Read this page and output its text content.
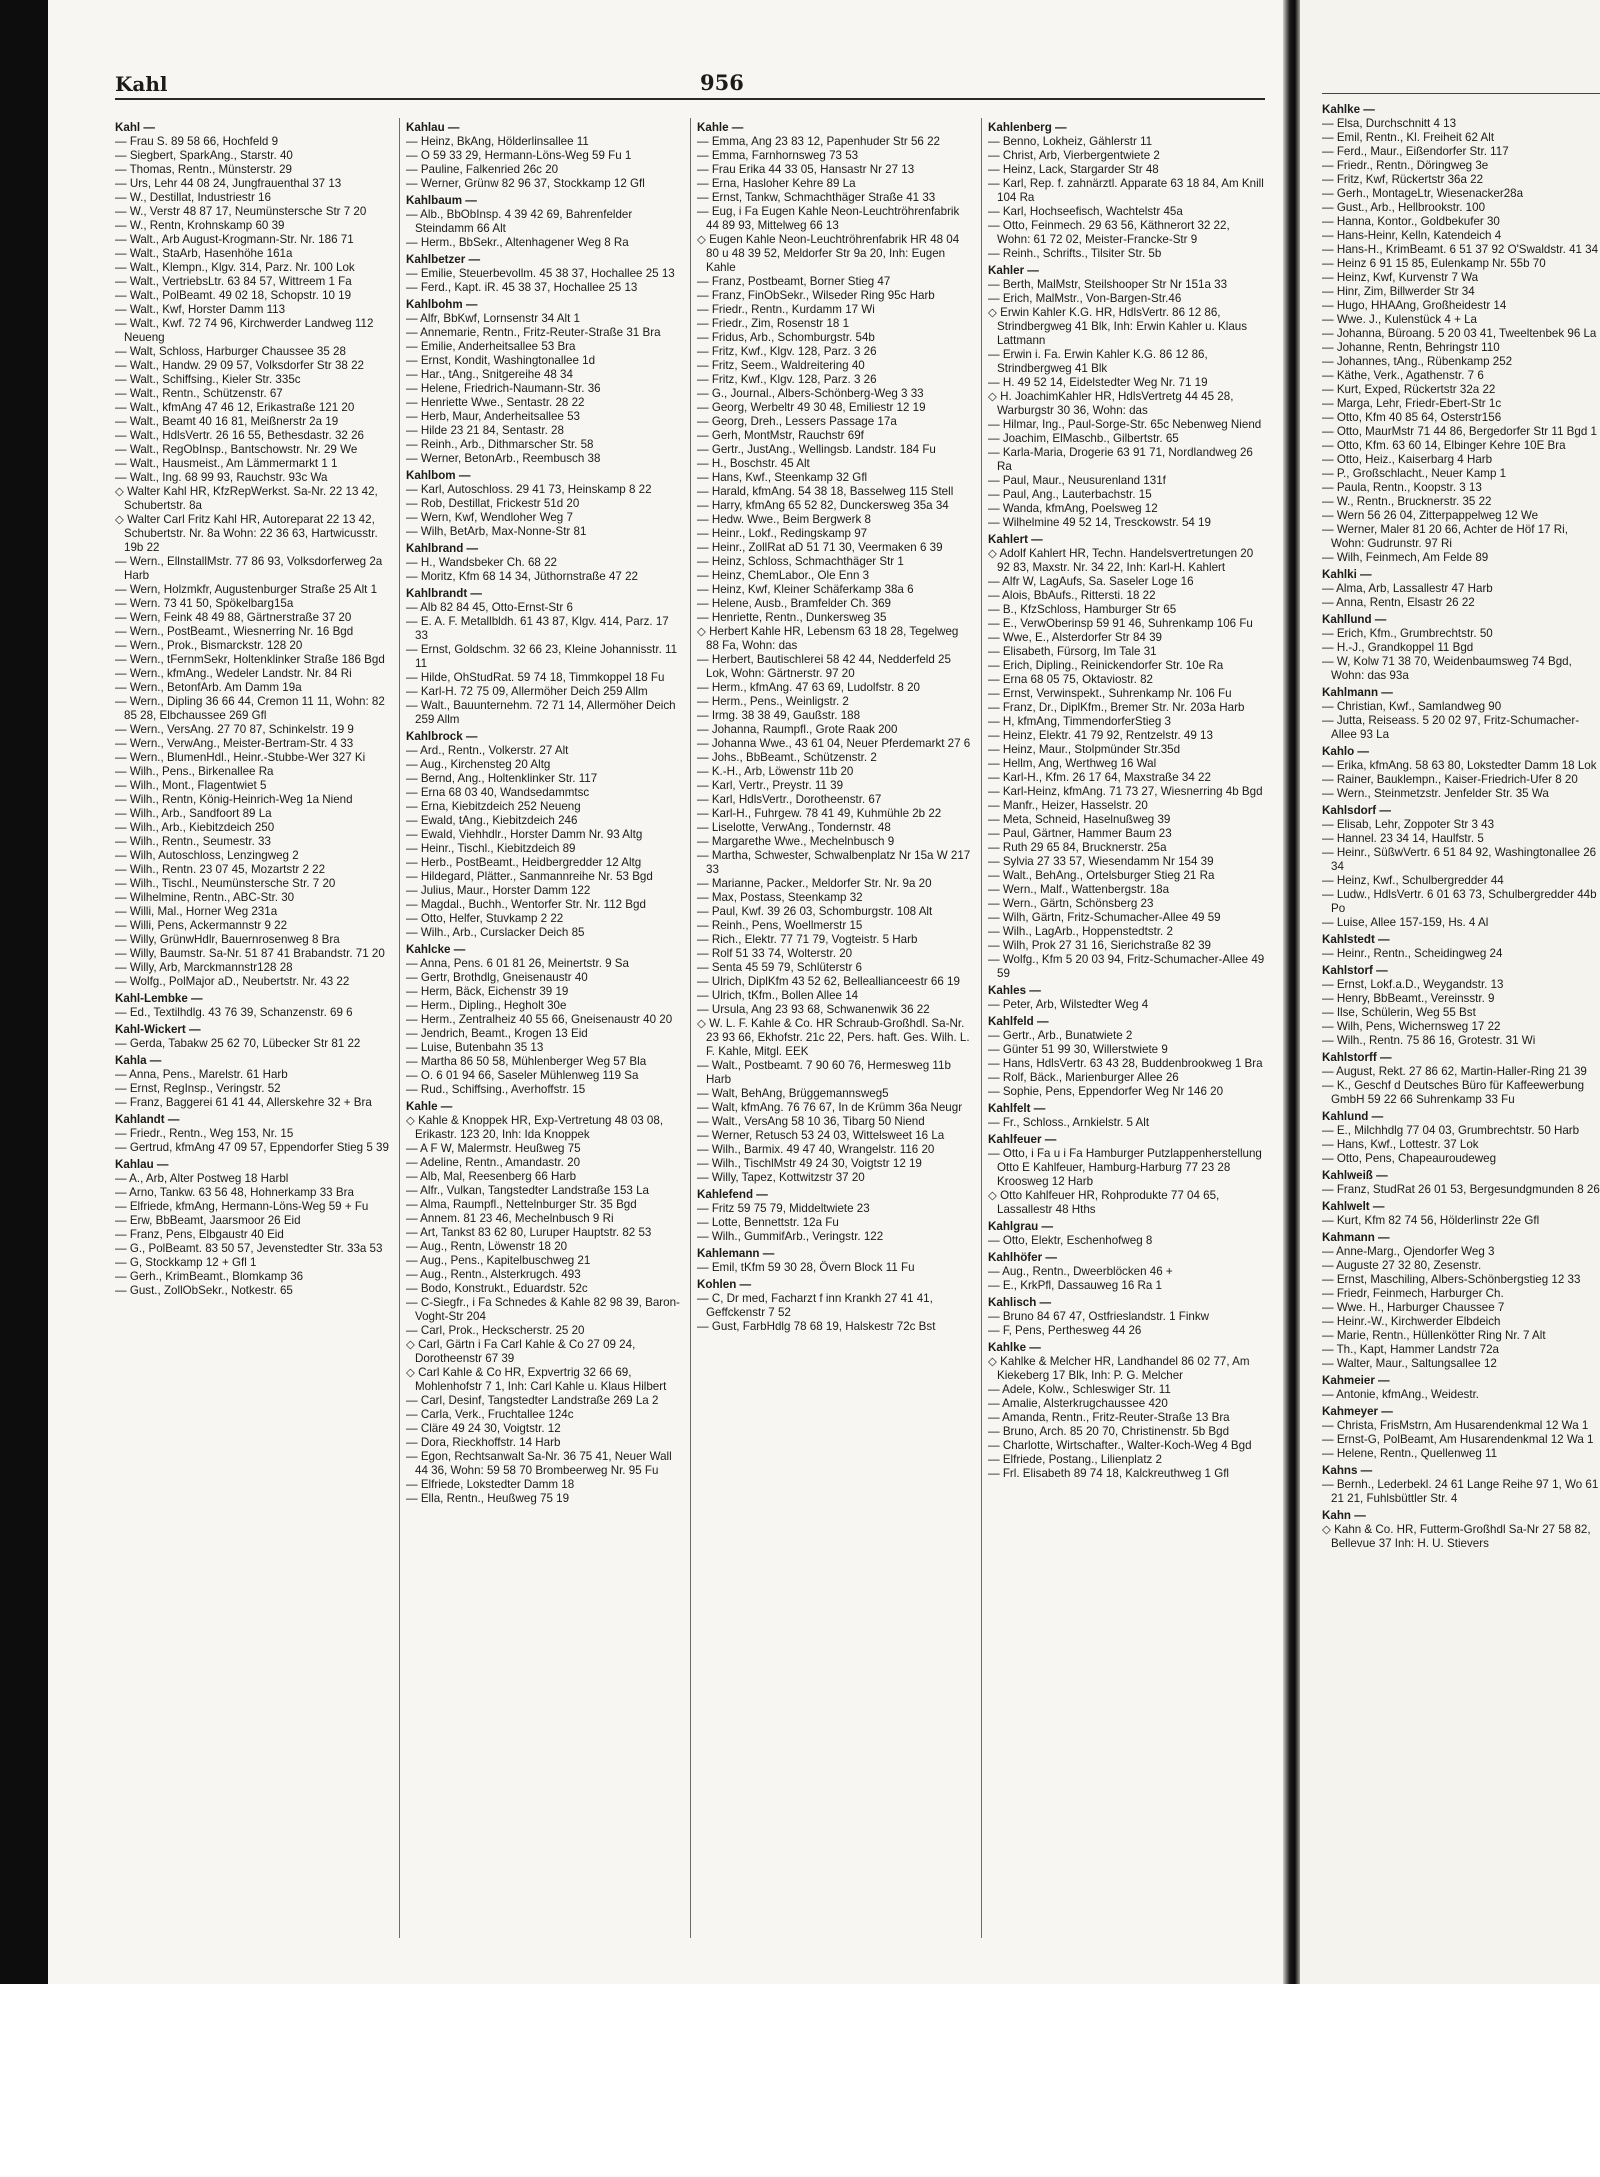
Kahl	956

Kahl —

— Frau S. 89 58 66, Hochfeld 9

— Siegbert, SparkAng., Starstr. 40

— Thomas, Rentn., Münsterstr. 29

— Urs, Lehr 44 08 24, Jungfrauenthal 37 13

— W., Destillat, Industriestr 16

— W., Verstr 48 87 17, Neumünstersche Str 7 20

— W., Rentn, Krohnskamp 60 39

— Walt., Arb August-Krogmann-Str. Nr. 186 71

— Walt., StaArb, Hasenhöhe 161a

— Walt., Klempn., Klgv. 314, Parz. Nr. 100 Lok

— Walt., VertriebsLtr. 63 84 57, Wittreem 1 Fa

— Walt., PolBeamt. 49 02 18, Schopstr. 10 19

— Walt., Kwf, Horster Damm 113

— Walt., Kwf. 72 74 96, Kirchwerder Landweg 112 Neueng

— Walt, Schloss, Harburger Chaussee 35 28

— Walt., Handw. 29 09 57, Volksdorfer Str 38 22

— Walt., Schiffsing., Kieler Str. 335c

— Walt., Rentn., Schützenstr. 67

— Walt., kfmAng 47 46 12, Erikastraße 121 20

— Walt., Beamt 40 16 81, Meißnerstr 2a 19

— Walt., HdlsVertr. 26 16 55, Bethesdastr. 32 26

— Walt., RegObInsp., Bantschowstr. Nr. 29 We

— Walt., Hausmeist., Am Lämmermarkt 1 1

— Walt., Ing. 68 99 93, Rauchstr. 93c Wa

◇ Walter Kahl HR, KfzRepWerkst. Sa-Nr. 22 13 42, Schubertstr. 8a

◇ Walter Carl Fritz Kahl HR, Autoreparat 22 13 42, Schubertstr. Nr. 8a Wohn: 22 36 63, Hartwicusstr. 19b 22

— Wern., EllnstallMstr. 77 86 93, Volksdorferweg 2a Harb

— Wern, Holzmkfr, Augustenburger Straße 25 Alt 1

— Wern. 73 41 50, Spökelbarg15a

— Wern, Feink 48 49 88, Gärtnerstraße 37 20

— Wern., PostBeamt., Wiesnerring Nr. 16 Bgd

— Wern., Prok., Bismarckstr. 128 20

— Wern., tFernmSekr, Holtenklinker Straße 186 Bgd

— Wern., kfmAng., Wedeler Landstr. Nr. 84 Ri

— Wern., BetonfArb. Am Damm 19a

— Wern., Dipling 36 66 44, Cremon 11 11, Wohn: 82 85 28, Elbchaussee 269 Gfl

— Wern., VersAng. 27 70 87, Schinkelstr. 19 9

— Wern., VerwAng., Meister-Bertram-Str. 4 33

— Wern., BlumenHdl., Heinr.-Stubbe-Wer 327 Ki

— Wilh., Pens., Birkenallee Ra

— Wilh., Mont., Flagentwiet 5

— Wilh., Rentn, König-Heinrich-Weg 1a Niend

— Wilh., Arb., Sandfoort 89 La

— Wilh., Arb., Kiebitzdeich 250

— Wilh., Rentn., Seumestr. 33

— Wilh, Autoschloss, Lenzingweg 2

— Wilh., Rentn. 23 07 45, Mozartstr 2 22

— Wilh., Tischl., Neumünstersche Str. 7 20

— Wilhelmine, Rentn., ABC-Str. 30

— Willi, Mal., Horner Weg 231a

— Willi, Pens, Ackermannstr 9 22

— Willy, GrünwHdlr, Bauernrosenweg 8 Bra

— Willy, Baumstr. Sa-Nr. 51 87 41 Brabandstr. 71 20

— Willy, Arb, Marckmannstr128 28

— Wolfg., PolMajor aD., Neubertstr. Nr. 43 22

Kahl-Lembke —

— Ed., Textilhdlg. 43 76 39, Schanzenstr. 69 6

Kahl-Wickert —

— Gerda, Tabakw 25 62 70, Lübecker Str 81 22

Kahla —

— Anna, Pens., Marelstr. 61 Harb

— Ernst, RegInsp., Veringstr. 52

— Franz, Baggerei 61 41 44, Allerskehre 32 + Bra

Kahlandt —

— Friedr., Rentn., Weg 153, Nr. 15

— Gertrud, kfmAng 47 09 57, Eppendorfer Stieg 5 39

Kahlau —

— A., Arb, Alter Postweg 18 Harbl

— Arno, Tankw. 63 56 48, Hohnerkamp 33 Bra

— Elfriede, kfmAng, Hermann-Löns-Weg 59 + Fu

— Erw, BbBeamt, Jaarsmoor 26 Eid

— Franz, Pens, Elbgaustr 40 Eid

— G., PolBeamt. 83 50 57, Jevenstedter Str. 33a 53

— G, Stockkamp 12 + Gfl 1

— Gerh., KrimBeamt., Blomkamp 36

— Gust., ZollObSekr., Notkestr. 65

Kahlau —

— Heinz, BkAng, Hölderlinsallee 11

— O 59 33 29, Hermann-Löns-Weg 59 Fu 1

— Pauline, Falkenried 26c 20

— Werner, Grünw 82 96 37, Stockkamp 12 Gfl

Kahlbaum —

— Alb., BbObInsp. 4 39 42 69, Bahrenfelder Steindamm 66 Alt

— Herm., BbSekr., Altenhagener Weg 8 Ra

Kahlbetzer —

— Emilie, Steuerbevollm. 45 38 37, Hochallee 25 13

— Ferd., Kapt. iR. 45 38 37, Hochallee 25 13

Kahlbohm —

— Alfr, BbKwf, Lornsenstr 34 Alt 1

— Annemarie, Rentn., Fritz-Reuter-Straße 31 Bra

— Emilie, Anderheitsallee 53 Bra

— Ernst, Kondit, Washingtonallee 1d

— Har., tAng., Snitgereihe 48 34

— Helene, Friedrich-Naumann-Str. 36

— Henriette Wwe., Sentastr. 28 22

— Herb, Maur, Anderheitsallee 53

— Hilde 23 21 84, Sentastr. 28

— Reinh., Arb., Dithmarscher Str. 58

— Werner, BetonArb., Reembusch 38

Kahlbom —

— Karl, Autoschloss. 29 41 73, Heinskamp 8 22

— Rob, Destillat, Frickestr 51d 20

— Wern, Kwf, Wendloher Weg 7

— Wilh, BetArb, Max-Nonne-Str 81

Kahlbrand —

— H., Wandsbeker Ch. 68 22

— Moritz, Kfm 68 14 34, Jüthornstraße 47 22

Kahlbrandt —

— Alb 82 84 45, Otto-Ernst-Str 6

— E. A. F. Metallbldh. 61 43 87, Klgv. 414, Parz. 17 33

— Ernst, Goldschm. 32 66 23, Kleine Johannisstr. 11 11

— Hilde, OhStudRat. 59 74 18, Timmkoppel 18 Fu

— Karl-H. 72 75 09, Allermöher Deich 259 Allm

— Walt., Bauunternehm. 72 71 14, Allermöher Deich 259 Allm

Kahlbrock —

— Ard., Rentn., Volkerstr. 27 Alt

— Aug., Kirchensteg 20 Altg

— Bernd, Ang., Holtenklinker Str. 117

— Erna 68 03 40, Wandsedammtsc

— Erna, Kiebitzdeich 252 Neueng

— Ewald, tAng., Kiebitzdeich 246

— Ewald, Viehhdlr., Horster Damm Nr. 93 Altg

— Heinr., Tischl., Kiebitzdeich 89

— Herb., PostBeamt., Heidbergredder 12 Altg

— Hildegard, Plätter., Sanmannreihe Nr. 53 Bgd

— Julius, Maur., Horster Damm 122

— Magdal., Buchh., Wentorfer Str. Nr. 112 Bgd

— Otto, Helfer, Stuvkamp 2 22

— Wilh., Arb., Curslacker Deich 85

Kahlcke —

— Anna, Pens. 6 01 81 26, Meinertstr. 9 Sa

— Gertr, Brothdlg, Gneisenaustr 40

— Herm, Bäck, Eichenstr 39 19

— Herm., Dipling., Hegholt 30e

— Herm., Zentralheiz 40 55 66, Gneisenaustr 40 20

— Jendrich, Beamt., Krogen 13 Eid

— Luise, Butenbahn 35 13

— Martha 86 50 58, Mühlenberger Weg 57 Bla

— O. 6 01 94 66, Saseler Mühlenweg 119 Sa

— Rud., Schiffsing., Averhoffstr. 15

Kahle —

◇ Kahle & Knoppek HR, Exp-Vertretung 48 03 08, Erikastr. 123 20, Inh: Ida Knoppek

— A F W, Malermstr. Heußweg 75

— Adeline, Rentn., Amandastr. 20

— Alb, Mal, Reesenberg 66 Harb

— Alfr., Vulkan, Tangstedter Landstraße 153 La

— Alma, Raumpfl., Nettelnburger Str. 35 Bgd

— Annem. 81 23 46, Mechelnbusch 9 Ri

— Art, Tankst 83 62 80, Luruper Hauptstr. 82 53

— Aug., Rentn, Löwenstr 18 20

— Aug., Pens., Kapitelbuschweg 21

— Aug., Rentn., Alsterkrugch. 493

— Bodo, Konstrukt., Eduardstr. 52c

— C-Siegfr., i Fa Schnedes & Kahle 82 98 39, Baron-Voght-Str 204

— Carl, Prok., Heckscherstr. 25 20

◇ Carl, Gärtn i Fa Carl Kahle & Co 27 09 24, Dorotheenstr 67 39

◇ Carl Kahle & Co HR, Expvertrig 32 66 69, Mohlenhofstr 7 1, Inh: Carl Kahle u. Klaus Hilbert

— Carl, Desinf, Tangstedter Landstraße 269 La 2

— Carla, Verk., Fruchtallee 124c

— Cläre 49 24 30, Voigtstr. 12

— Dora, Rieckhoffstr. 14 Harb

— Egon, Rechtsanwalt Sa-Nr. 36 75 41, Neuer Wall 44 36, Wohn: 59 58 70 Brombeerweg Nr. 95 Fu

— Elfriede, Lokstedter Damm 18

— Ella, Rentn., Heußweg 75 19

Kahle —

— Emma, Ang 23 83 12, Papenhuder Str 56 22

— Emma, Farnhornsweg 73 53

— Frau Erika 44 33 05, Hansastr Nr 27 13

— Erna, Hasloher Kehre 89 La

— Ernst, Tankw, Schmachthäger Straße 41 33

— Eug, i Fa Eugen Kahle Neon-Leuchtröhrenfabrik 44 89 93, Mittelweg 66 13

◇ Eugen Kahle Neon-Leuchtröhrenfabrik HR 48 04 80 u 48 39 52, Meldorfer Str 9a 20, Inh: Eugen Kahle

— Franz, Postbeamt, Borner Stieg 47

— Franz, FinObSekr., Wilseder Ring 95c Harb

— Friedr., Rentn., Kurdamm 17 Wi

— Friedr., Zim, Rosenstr 18 1

— Fridus, Arb., Schomburgstr. 54b

— Fritz, Kwf., Klgv. 128, Parz. 3 26

— Fritz, Seem., Waldreitering 40

— Fritz, Kwf., Klgv. 128, Parz. 3 26

— G., Journal., Albers-Schönberg-Weg 3 33

— Georg, Werbeltr 49 30 48, Emiliestr 12 19

— Georg, Dreh., Lessers Passage 17a

— Gerh, MontMstr, Rauchstr 69f

— Gertr., JustAng., Wellingsb. Landstr. 184 Fu

— H., Boschstr. 45 Alt

— Hans, Kwf., Steenkamp 32 Gfl

— Harald, kfmAng. 54 38 18, Basselweg 115 Stell

— Harry, kfmAng 65 52 82, Dunckersweg 35a 34

— Hedw. Wwe., Beim Bergwerk 8

— Heinr., Lokf., Redingskamp 97

— Heinr., ZollRat aD 51 71 30, Veermaken 6 39

— Heinz, Schloss, Schmachthäger Str 1

— Heinz, ChemLabor., Ole Enn 3

— Heinz, Kwf, Kleiner Schäferkamp 38a 6

— Helene, Ausb., Bramfelder Ch. 369

— Henriette, Rentn., Dunkersweg 35

◇ Herbert Kahle HR, Lebensm 63 18 28, Tegelweg 88 Fa, Wohn: das

— Herbert, Bautischlerei 58 42 44, Nedderfeld 25 Lok, Wohn: Gärtnerstr. 97 20

— Herm., kfmAng. 47 63 69, Ludolfstr. 8 20

— Herm., Pens., Weinligstr. 2

— Irmg. 38 38 49, Gaußstr. 188

— Johanna, Raumpfl., Grote Raak 200

— Johanna Wwe., 43 61 04, Neuer Pferdemarkt 27 6

— Johs., BbBeamt., Schützenstr. 2

— K.-H., Arb, Löwenstr 11b 20

— Karl, Vertr., Preystr. 11 39

— Karl, HdlsVertr., Dorotheenstr. 67

— Karl-H., Fuhrgew. 78 41 49, Kuhmühle 2b 22

— Liselotte, VerwAng., Tondernstr. 48

— Margarethe Wwe., Mechelnbusch 9

— Martha, Schwester, Schwalbenplatz Nr 15a W 217 33

— Marianne, Packer., Meldorfer Str. Nr. 9a 20

— Max, Postass, Steenkamp 32

— Paul, Kwf. 39 26 03, Schomburgstr. 108 Alt

— Reinh., Pens, Woellmerstr 15

— Rich., Elektr. 77 71 79, Vogteistr. 5 Harb

— Rolf 51 33 74, Wolterstr. 20

— Senta 45 59 79, Schlüterstr 6

— Ulrich, DiplKfm 43 52 62, Belleallianceestr 66 19

— Ulrich, tKfm., Bollen Allee 14

— Ursula, Ang 23 93 68, Schwanenwik 36 22

◇ W. L. F. Kahle & Co. HR Schraub-Großhdl. Sa-Nr. 23 93 66, Ekhofstr. 21c 22, Pers. haft. Ges. Wilh. L. F. Kahle, Mitgl. EEK

— Walt., Postbeamt. 7 90 60 76, Hermesweg 11b Harb

— Walt, BehAng, Brüggemannsweg5

— Walt, kfmAng. 76 76 67, In de Krümm 36a Neugr

— Walt., VersAng 58 10 36, Tibarg 50 Niend

— Werner, Retusch 53 24 03, Wittelsweet 16 La

— Wilh., Barmix. 49 47 40, Wrangelstr. 116 20

— Wilh., TischlMstr 49 24 30, Voigtstr 12 19

— Willy, Tapez, Kottwitzstr 37 20

Kahlefend —

— Fritz 59 75 79, Middeltwiete 23

— Lotte, Bennettstr. 12a Fu

— Wilh., GummifArb., Veringstr. 122

Kahlemann —

— Emil, tKfm 59 30 28, Övern Block 11 Fu

Kohlen —

— C, Dr med, Facharzt f inn Krankh 27 41 41, Geffckenstr 7 52

— Gust, FarbHdlg 78 68 19, Halskestr 72c Bst

Kahlenberg —

— Benno, Lokheiz, Gählerstr 11

— Christ, Arb, Vierbergentwiete 2

— Heinz, Lack, Stargarder Str 48

— Karl, Rep. f. zahnärztl. Apparate 63 18 84, Am Knill 104 Ra

— Karl, Hochseefisch, Wachtelstr 45a

— Otto, Feinmech. 29 63 56, Käthnerort 32 22, Wohn: 61 72 02, Meister-Francke-Str 9

— Reinh., Schrifts., Tilsiter Str. 5b

Kahler —

— Berth, MalMstr, Steilshooper Str Nr 151a 33

— Erich, MalMstr., Von-Bargen-Str.46

◇ Erwin Kahler K.G. HR, HdlsVertr. 86 12 86, Strindbergweg 41 Blk, Inh: Erwin Kahler u. Klaus Lattmann

— Erwin i. Fa. Erwin Kahler K.G. 86 12 86, Strindbergweg 41 Blk

— H. 49 52 14, Eidelstedter Weg Nr. 71 19

◇ H. JoachimKahler HR, HdlsVertretg 44 45 28, Warburgstr 30 36, Wohn: das

— Hilmar, Ing., Paul-Sorge-Str. 65c Nebenweg Niend

— Joachim, ElMaschb., Gilbertstr. 65

— Karla-Maria, Drogerie 63 91 71, Nordlandweg 26 Ra

— Paul, Maur., Neusurenland 131f

— Paul, Ang., Lauterbachstr. 15

— Wanda, kfmAng, Poelsweg 12

— Wilhelmine 49 52 14, Tresckowstr. 54 19

Kahlert —

◇ Adolf Kahlert HR, Techn. Handelsvertretungen 20 92 83, Maxstr. Nr. 34 22, Inh: Karl-H. Kahlert

— Alfr W, LagAufs, Sa. Saseler Loge 16

— Alois, BbAufs., Rittersti. 18 22

— B., KfzSchloss, Hamburger Str 65

— E., VerwOberinsp 59 91 46, Suhrenkamp 106 Fu

— Wwe, E., Alsterdorfer Str 84 39

— Elisabeth, Fürsorg, Im Tale 31

— Erich, Dipling., Reinickendorfer Str. 10e Ra

— Erna 68 05 75, Oktaviostr. 82

— Ernst, Verwinspekt., Suhrenkamp Nr. 106 Fu

— Franz, Dr., DiplKfm., Bremer Str. Nr. 203a Harb

— H, kfmAng, TimmendorferStieg 3

— Heinz, Elektr. 41 79 92, Rentzelstr. 49 13

— Heinz, Maur., Stolpmünder Str.35d

— Hellm, Ang, Werthweg 16 Wal

— Karl-H., Kfm. 26 17 64, Maxstraße 34 22

— Karl-Heinz, kfmAng. 71 73 27, Wiesnerring 4b Bgd

— Manfr., Heizer, Hasselstr. 20

— Meta, Schneid, Haselnußweg 39

— Paul, Gärtner, Hammer Baum 23

— Ruth 29 65 84, Brucknerstr. 25a

— Sylvia 27 33 57, Wiesendamm Nr 154 39

— Walt., BehAng., Ortelsburger Stieg 21 Ra

— Wern., Malf., Wattenbergstr. 18a

— Wern., Gärtn, Schönsberg 23

— Wilh, Gärtn, Fritz-Schumacher-Allee 49 59

— Wilh., LagArb., Hoppenstedtstr. 2

— Wilh, Prok 27 31 16, Sierichstraße 82 39

— Wolfg., Kfm 5 20 03 94, Fritz-Schumacher-Allee 49 59

Kahles —

— Peter, Arb, Wilstedter Weg 4

Kahlfeld —

— Gertr., Arb., Bunatwiete 2

— Günter 51 99 30, Willerstwiete 9

— Hans, HdlsVertr. 63 43 28, Buddenbrookweg 1 Bra

— Rolf, Bäck., Marienburger Allee 26

— Sophie, Pens, Eppendorfer Weg Nr 146 20

Kahlfelt —

— Fr., Schloss., Arnkielstr. 5 Alt

Kahlfeuer —

— Otto, i Fa u i Fa Hamburger Putzlappenherstellung Otto E Kahlfeuer, Hamburg-Harburg 77 23 28 Kroosweg 12 Harb

◇ Otto Kahlfeuer HR, Rohprodukte 77 04 65, Lassallestr 48 Hths

Kahlgrau —

— Otto, Elektr, Eschenhofweg 8

Kahlhöfer —

— Aug., Rentn., Dweerblöcken 46 +

— E., KrkPfl, Dassauweg 16 Ra 1

Kahlisch —

— Bruno 84 67 47, Ostfrieslandstr. 1 Finkw

— F, Pens, Perthesweg 44 26

Kahlke —

◇ Kahlke & Melcher HR, Landhandel 86 02 77, Am Kiekeberg 17 Blk, Inh: P. G. Melcher

— Adele, Kolw., Schleswiger Str. 11

— Amalie, Alsterkrugchaussee 420

— Amanda, Rentn., Fritz-Reuter-Straße 13 Bra

— Bruno, Arch. 85 20 70, Christinenstr. 5b Bgd

— Charlotte, Wirtschafter., Walter-Koch-Weg 4 Bgd

— Elfriede, Postang., Lilienplatz 2

— Frl. Elisabeth 89 74 18, Kalckreuthweg 1 Gfl

Kahlke —

— Elsa, Durchschnitt 4 13

— Emil, Rentn., Kl. Freiheit 62 Alt

— Ferd., Maur., Eißendorfer Str. 117

— Friedr., Rentn., Döringweg 3e

— Fritz, Kwf, Rückertstr 36a 22

— Gerh., MontageLtr, Wiesenacker28a

— Gust., Arb., Hellbrookstr. 100

— Hanna, Kontor., Goldbekufer 30

— Hans-Heinr, Kelln, Katendeich 4

— Hans-H., KrimBeamt. 6 51 37 92 O'Swaldstr. 41 34

— Heinz 6 91 15 85, Eulenkamp Nr. 55b 70

— Heinz, Kwf, Kurvenstr 7 Wa

— Hinr, Zim, Billwerder Str 34

— Hugo, HHAAng, Großheidestr 14

— Wwe. J., Kulenstück 4 + La

— Johanna, Büroang. 5 20 03 41, Tweeltenbek 96 La

— Johanne, Rentn, Behringstr 110

— Johannes, tAng., Rübenkamp 252

— Käthe, Verk., Agathenstr. 7 6

— Kurt, Exped, Rückertstr 32a 22

— Marga, Lehr, Friedr-Ebert-Str 1c

— Otto, Kfm 40 85 64, Osterstr156

— Otto, MaurMstr 71 44 86, Bergedorfer Str 11 Bgd 1

— Otto, Kfm. 63 60 14, Elbinger Kehre 10E Bra

— Otto, Heiz., Kaiserbarg 4 Harb

— P., Großschlacht., Neuer Kamp 1

— Paula, Rentn., Koopstr. 3 13

— W., Rentn., Brucknerstr. 35 22

— Wern 56 26 04, Zitterpappelweg 12 We

— Werner, Maler 81 20 66, Achter de Höf 17 Ri, Wohn: Gudrunstr. 97 Ri

— Wilh, Feinmech, Am Felde 89

Kahlki —

— Alma, Arb, Lassallestr 47 Harb

— Anna, Rentn, Elsastr 26 22

Kahllund —

— Erich, Kfm., Grumbrechtstr. 50

— H.-J., Grandkoppel 11 Bgd

— W, Kolw 71 38 70, Weidenbaumsweg 74 Bgd, Wohn: das 93a

Kahlmann —

— Christian, Kwf., Samlandweg 90

— Jutta, Reiseass. 5 20 02 97, Fritz-Schumacher-Allee 93 La

Kahlo —

— Erika, kfmAng. 58 63 80, Lokstedter Damm 18 Lok

— Rainer, Bauklempn., Kaiser-Friedrich-Ufer 8 20

— Wern., Steinmetzstr. Jenfelder Str. 35 Wa

Kahlsdorf —

— Elisab, Lehr, Zoppoter Str 3 43

— Hannel. 23 34 14, Haulfstr. 5

— Heinr., SüßwVertr. 6 51 84 92, Washingtonallee 26 34

— Heinz, Kwf., Schulbergredder 44

— Ludw., HdlsVertr. 6 01 63 73, Schulbergredder 44b Po

— Luise, Allee 157-159, Hs. 4 Al

Kahlstedt —

— Heinr., Rentn., Scheidingweg 24

Kahlstorf —

— Ernst, Lokf.a.D., Weygandstr. 13

— Henry, BbBeamt., Vereinsstr. 9

— Ilse, Schülerin, Weg 55 Bst

— Wilh, Pens, Wichernsweg 17 22

— Wilh., Rentn. 75 86 16, Grotestr. 31 Wi

Kahlstorff —

— August, Rekt. 27 86 62, Martin-Haller-Ring 21 39

— K., Geschf d Deutsches Büro für Kaffeewerbung GmbH 59 22 66 Suhrenkamp 33 Fu

Kahlund —

— E., Milchhdlg 77 04 03, Grumbrechtstr. 50 Harb

— Hans, Kwf., Lottestr. 37 Lok

— Otto, Pens, Chapeauroudeweg

Kahlweiß —

— Franz, StudRat 26 01 53, Bergesundgmunden 8 26

Kahlwelt —

— Kurt, Kfm 82 74 56, Hölderlinstr 22e Gfl

Kahmann —

— Anne-Marg., Ojendorfer Weg 3

— Auguste 27 32 80, Zesenstr.

— Ernst, Maschiling, Albers-Schönbergstieg 12 33

— Friedr, Feinmech, Harburger Ch.

— Wwe. H., Harburger Chaussee 7

— Heinr.-W., Kirchwerder Elbdeich

— Marie, Rentn., Hüllenkötter Ring Nr. 7 Alt

— Th., Kapt, Hammer Landstr 72a

— Walter, Maur., Saltungsallee 12

Kahmeier —

— Antonie, kfmAng., Weidestr.

Kahmeyer —

— Christa, FrisMstrn, Am Husarendenkmal 12 Wa 1

— Ernst-G, PolBeamt, Am Husarendenkmal 12 Wa 1

— Helene, Rentn., Quellenweg 11

Kahns —

— Bernh., Lederbekl. 24 61 Lange Reihe 97 1, Wo 61 21 21, Fuhlsbüttler Str. 4

Kahn —

◇ Kahn & Co. HR, Futterm-Großhdl Sa-Nr 27 58 82, Bellevue 37 Inh: H. U. Stievers
